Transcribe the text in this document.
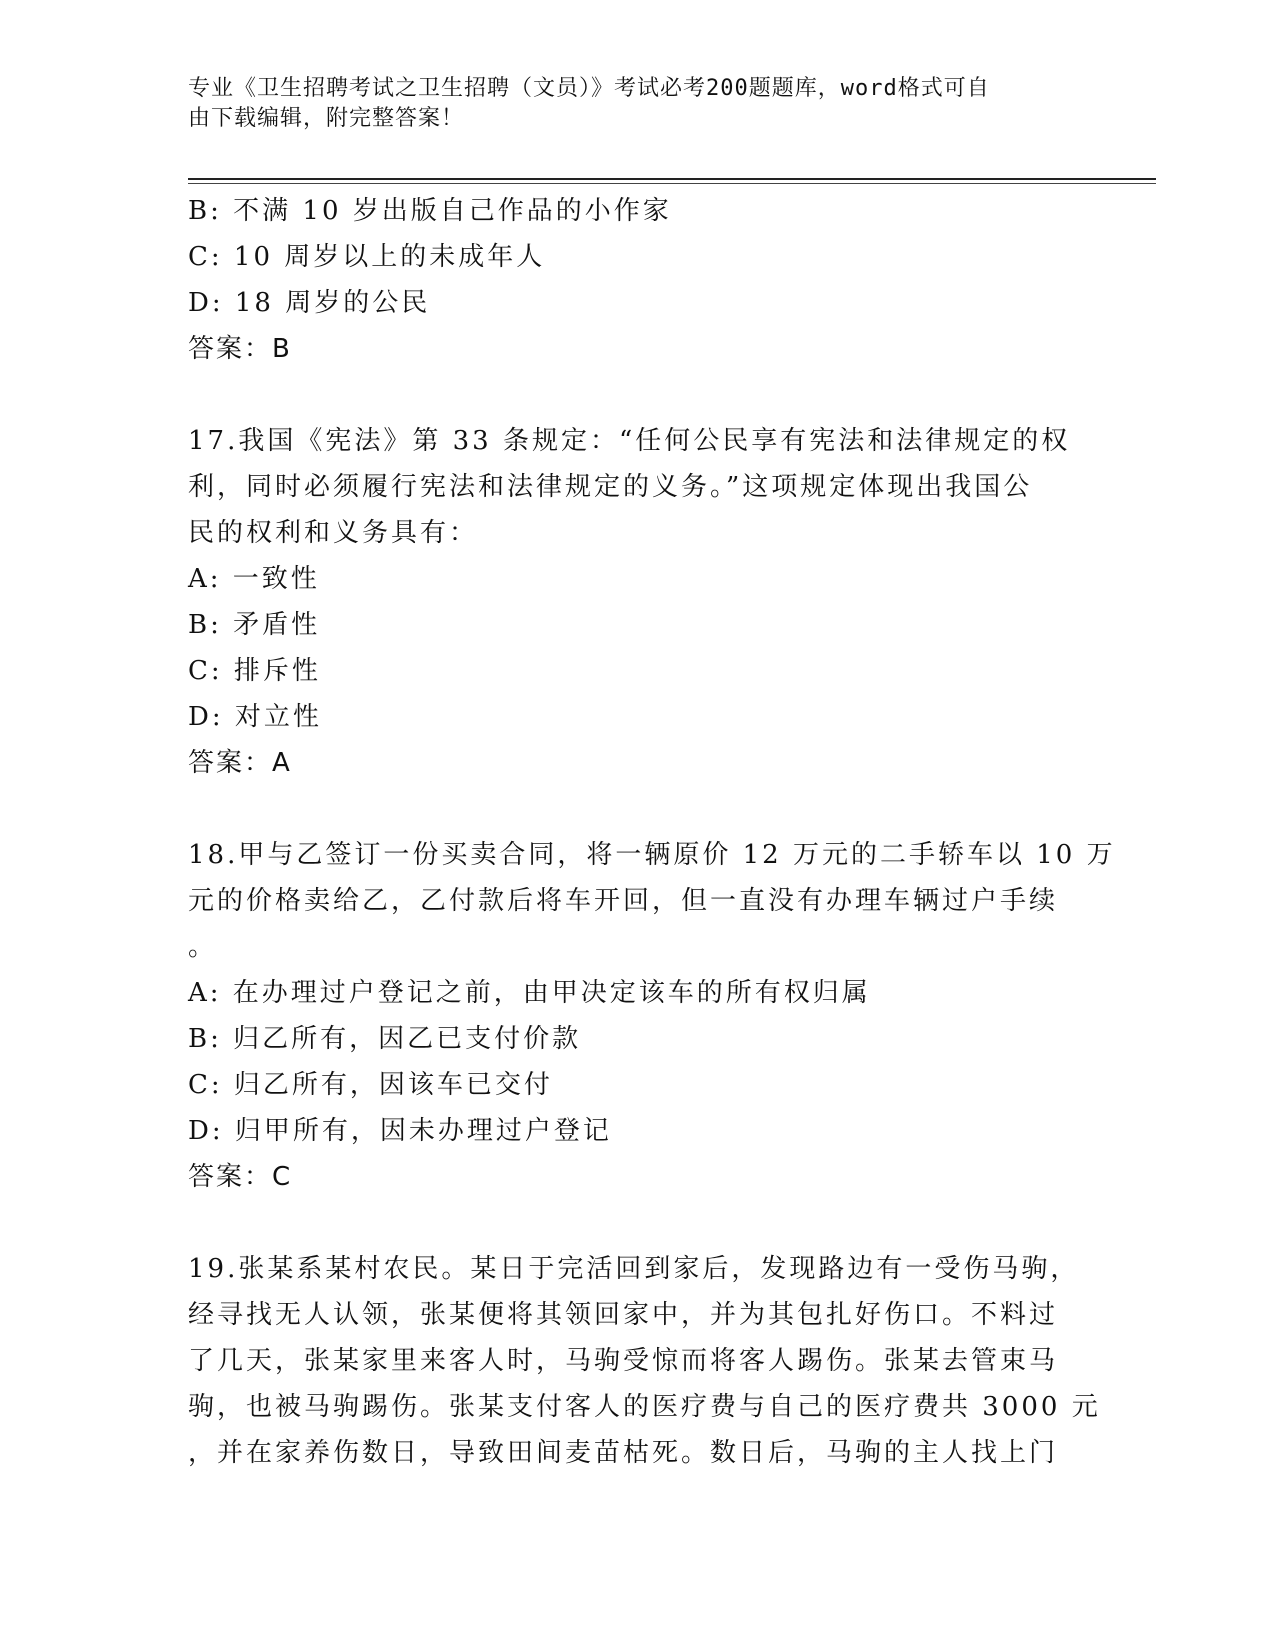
专业《卫生招聘考试之卫生招聘（文员）》考试必考200题题库，word格式可自
由下载编辑，附完整答案！
B: 不满 10 岁出版自己作品的小作家
C: 10 周岁以上的未成年人
D: 18 周岁的公民
答案：B
17.我国《宪法》第 33 条规定：“任何公民享有宪法和法律规定的权
利，同时必须履行宪法和法律规定的义务。”这项规定体现出我国公
民的权利和义务具有：
A: 一致性
B: 矛盾性
C: 排斥性
D: 对立性
答案：A
18.甲与乙签订一份买卖合同，将一辆原价 12 万元的二手轿车以 10 万
元的价格卖给乙，乙付款后将车开回，但一直没有办理车辆过户手续
。
A: 在办理过户登记之前，由甲决定该车的所有权归属
B: 归乙所有，因乙已支付价款
C: 归乙所有，因该车已交付
D: 归甲所有，因未办理过户登记
答案：C
19.张某系某村农民。某日于完活回到家后，发现路边有一受伤马驹，
经寻找无人认领，张某便将其领回家中，并为其包扎好伤口。不料过
了几天，张某家里来客人时，马驹受惊而将客人踢伤。张某去管束马
驹，也被马驹踢伤。张某支付客人的医疗费与自己的医疗费共 3000 元
，并在家养伤数日，导致田间麦苗枯死。数日后，马驹的主人找上门
